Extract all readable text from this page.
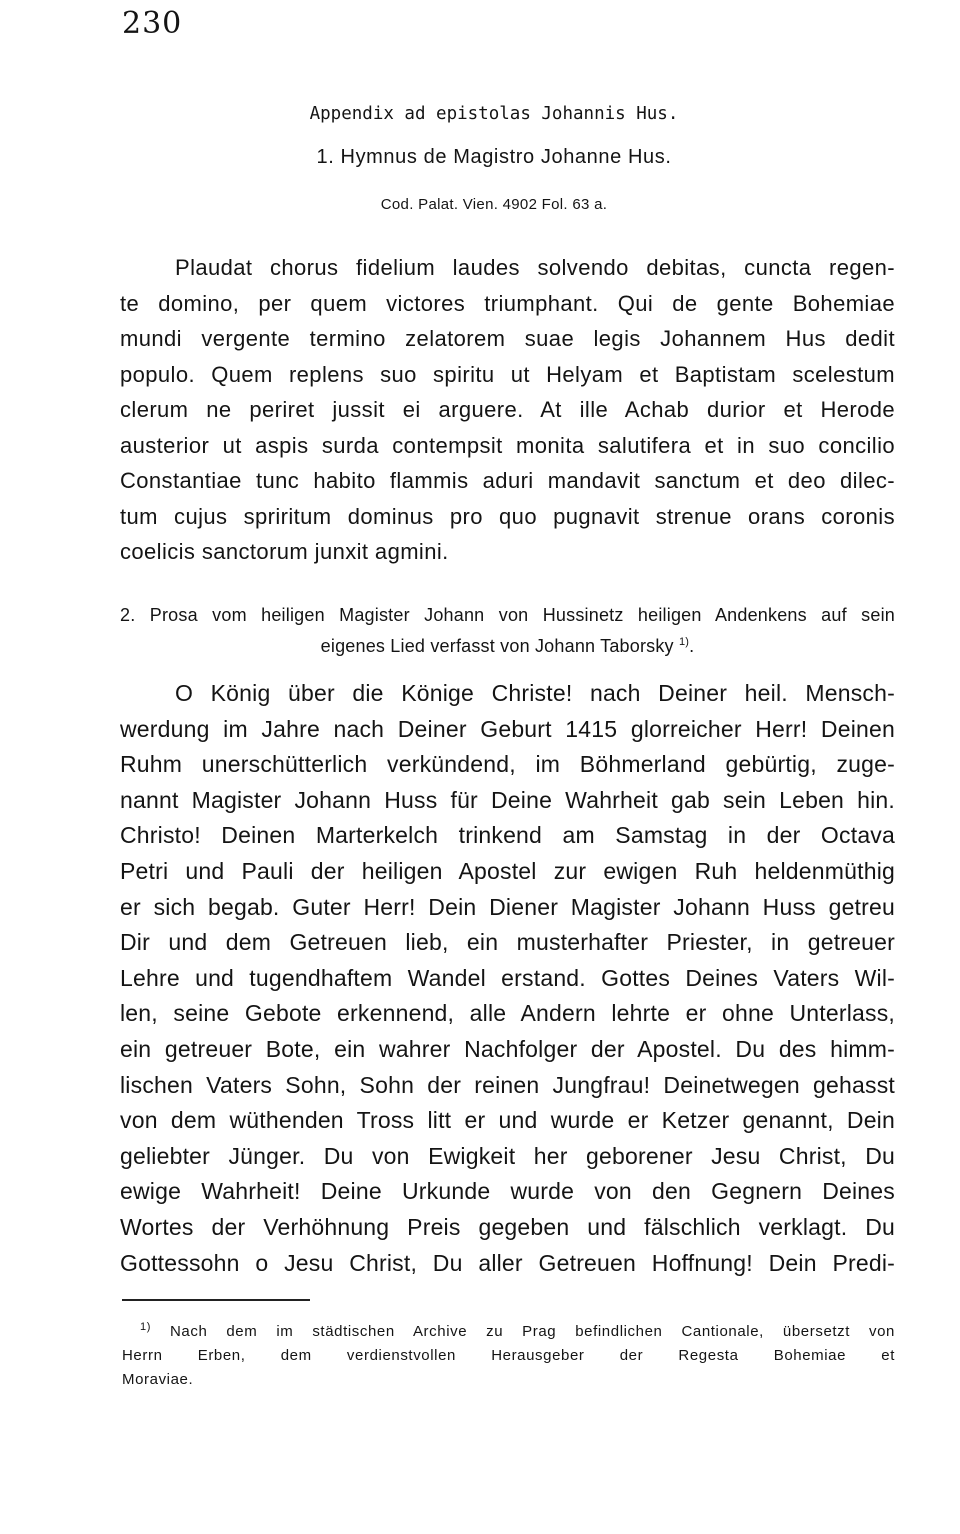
230
Appendix ad epistolas Johannis Hus.
1. Hymnus de Magistro Johanne Hus.
Cod. Palat. Vien. 4902 Fol. 63 a.
Plaudat chorus fidelium laudes solvendo debitas, cuncta regen-
te domino, per quem victores triumphant. Qui de gente Bohemiae
mundi vergente termino zelatorem suae legis Johannem Hus dedit
populo. Quem replens suo spiritu ut Helyam et Baptistam scelestum
clerum ne periret jussit ei arguere. At ille Achab durior et Herode
austerior ut aspis surda contempsit monita salutifera et in suo concilio
Constantiae tunc habito flammis aduri mandavit sanctum et deo dilec-
tum cujus spriritum dominus pro quo pugnavit strenue orans coronis
coelicis sanctorum junxit agmini.
2. Prosa vom heiligen Magister Johann von Hussinetz heiligen Andenkens auf sein
eigenes Lied verfasst von Johann Taborsky $^{1)}$.
O König über die Könige Christe! nach Deiner heil. Mensch-
werdung im Jahre nach Deiner Geburt 1415 glorreicher Herr! Deinen
Ruhm unerschütterlich verkündend, im Böhmerland gebürtig, zuge-
nannt Magister Johann Huss für Deine Wahrheit gab sein Leben hin.
Christo! Deinen Marterkelch trinkend am Samstag in der Octava
Petri und Pauli der heiligen Apostel zur ewigen Ruh heldenmüthig
er sich begab. Guter Herr! Dein Diener Magister Johann Huss getreu
Dir und dem Getreuen lieb, ein musterhafter Priester, in getreuer
Lehre und tugendhaftem Wandel erstand. Gottes Deines Vaters Wil-
len, seine Gebote erkennend, alle Andern lehrte er ohne Unterlass,
ein getreuer Bote, ein wahrer Nachfolger der Apostel. Du des himm-
lischen Vaters Sohn, Sohn der reinen Jungfrau! Deinetwegen gehasst
von dem wüthenden Tross litt er und wurde er Ketzer genannt, Dein
geliebter Jünger. Du von Ewigkeit her geborener Jesu Christ, Du
ewige Wahrheit! Deine Urkunde wurde von den Gegnern Deines
Wortes der Verhöhnung Preis gegeben und fälschlich verklagt. Du
Gottessohn o Jesu Christ, Du aller Getreuen Hoffnung! Dein Predi-
$^{1)}$ Nach dem im städtischen Archive zu Prag befindlichen Cantionale, übersetzt von
Herrn Erben, dem verdienstvollen Herausgeber der Regesta Bohemiae et
Moraviae.
